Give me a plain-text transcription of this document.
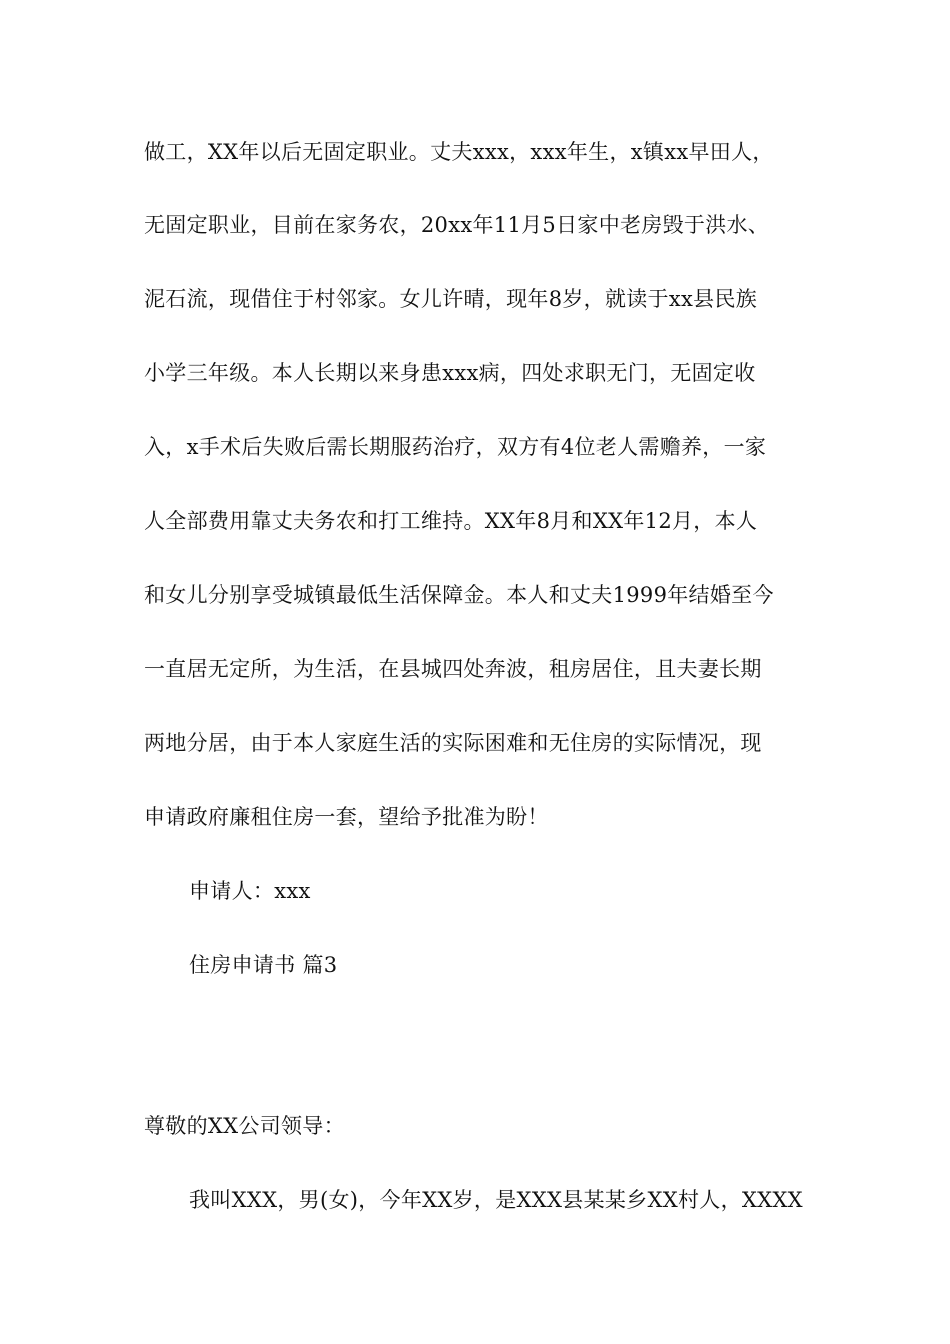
做工，XX年以后无固定职业。丈夫xxx，xxx年生，x镇xx早田人，
无固定职业，目前在家务农，20xx年11月5日家中老房毁于洪水、
泥石流，现借住于村邻家。女儿许晴，现年8岁，就读于xx县民族
小学三年级。本人长期以来身患xxx病，四处求职无门，无固定收
入，x手术后失败后需长期服药治疗，双方有4位老人需赡养，一家
人全部费用靠丈夫务农和打工维持。XX年8月和XX年12月，本人
和女儿分别享受城镇最低生活保障金。本人和丈夫1999年结婚至今
一直居无定所，为生活，在县城四处奔波，租房居住，且夫妻长期
两地分居，由于本人家庭生活的实际困难和无住房的实际情况，现
申请政府廉租住房一套，望给予批准为盼！
申请人：xxx
住房申请书 篇3
尊敬的XX公司领导：
我叫XXX，男(女)，今年XX岁，是XXX县某某乡XX村人，XXXX
